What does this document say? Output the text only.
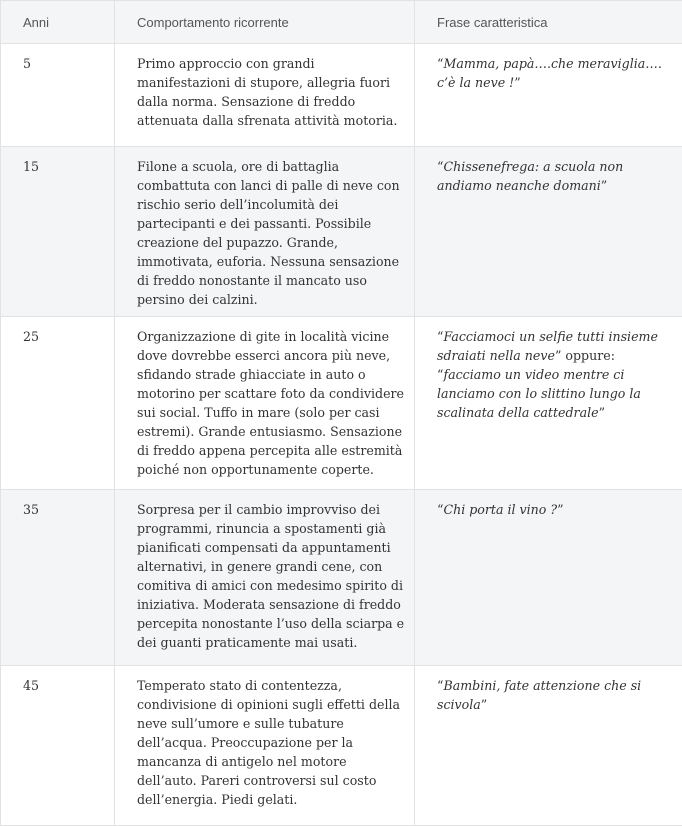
Anni	Comportamento ricorrente	Frase caratteristica
5	Primo approccio con grandi manifestazioni di stupore, allegria fuori dalla norma. Sensazione di freddo attenuata dalla sfrenata attività motoria.	“Mamma, papà….che meraviglia…. c’è la neve !”
15	Filone a scuola, ore di battaglia combattuta con lanci di palle di neve con rischio serio dell’incolumità dei partecipanti e dei passanti. Possibile creazione del pupazzo. Grande, immotivata, euforia. Nessuna sensazione di freddo nonostante il mancato uso persino dei calzini.	“Chissenefrega: a scuola non andiamo neanche domani”
25	Organizzazione di gite in località vicine dove dovrebbe esserci ancora più neve, sfidando strade ghiacciate in auto o motorino per scattare foto da condividere sui social. Tuffo in mare (solo per casi estremi). Grande entusiasmo. Sensazione di freddo appena percepita alle estremità poiché non opportunamente coperte.	“Facciamoci un selfie tutti insieme sdraiati nella neve” oppure: “facciamo un video mentre ci lanciamo con lo slittino lungo la scalinata della cattedrale”
35	Sorpresa per il cambio improvviso dei programmi, rinuncia a spostamenti già pianificati compensati da appuntamenti alternativi, in genere grandi cene, con comitiva di amici con medesimo spirito di iniziativa. Moderata sensazione di freddo percepita nonostante l’uso della sciarpa e dei guanti praticamente mai usati.	“Chi porta il vino ?”
45	Temperato stato di contentezza, condivisione di opinioni sugli effetti della neve sull’umore e sulle tubature dell’acqua. Preoccupazione per la mancanza di antigelo nel motore dell’auto. Pareri controversi sul costo dell’energia. Piedi gelati.	“Bambini, fate attenzione che si scivola”
